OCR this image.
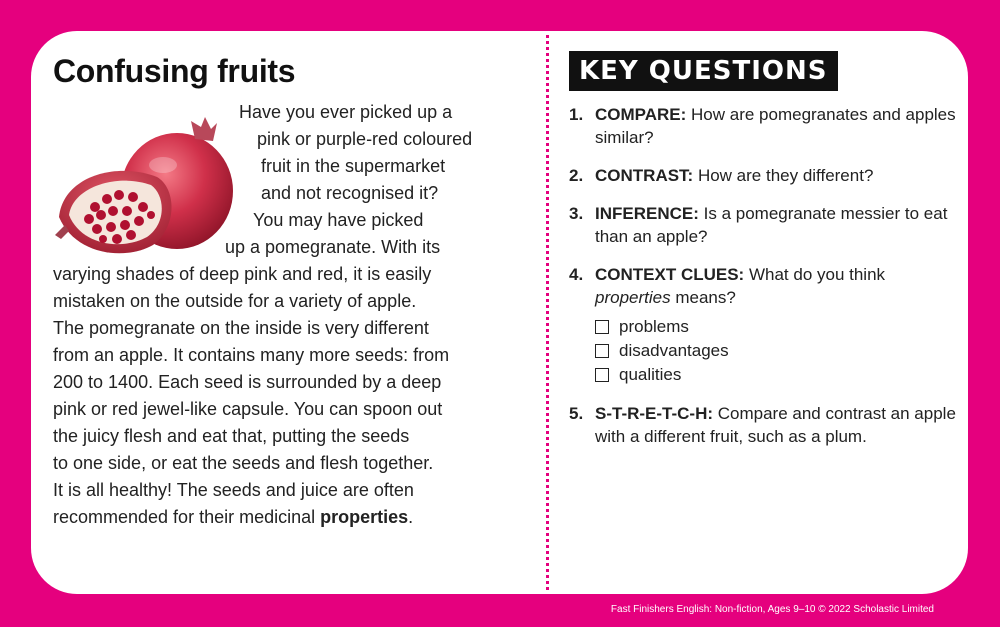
Confusing fruits
Have you ever picked up a
pink or purple-red coloured
fruit in the supermarket
and not recognised it?
You may have picked
up a pomegranate. With its
varying shades of deep pink and red, it is easily
mistaken on the outside for a variety of apple.
The pomegranate on the inside is very different
from an apple. It contains many more seeds: from
200 to 1400. Each seed is surrounded by a deep
pink or red jewel-like capsule. You can spoon out
the juicy flesh and eat that, putting the seeds
to one side, or eat the seeds and flesh together.
It is all healthy! The seeds and juice are often
recommended for their medicinal properties.
KEY QUESTIONS
1. COMPARE: How are pomegranates and apples similar?
2. CONTRAST: How are they different?
3. INFERENCE: Is a pomegranate messier to eat than an apple?
4. CONTEXT CLUES: What do you think properties means?
problems
disadvantages
qualities
5. S-T-R-E-T-C-H: Compare and contrast an apple with a different fruit, such as a plum.
Fast Finishers English: Non-fiction, Ages 9–10 © 2022 Scholastic Limited
